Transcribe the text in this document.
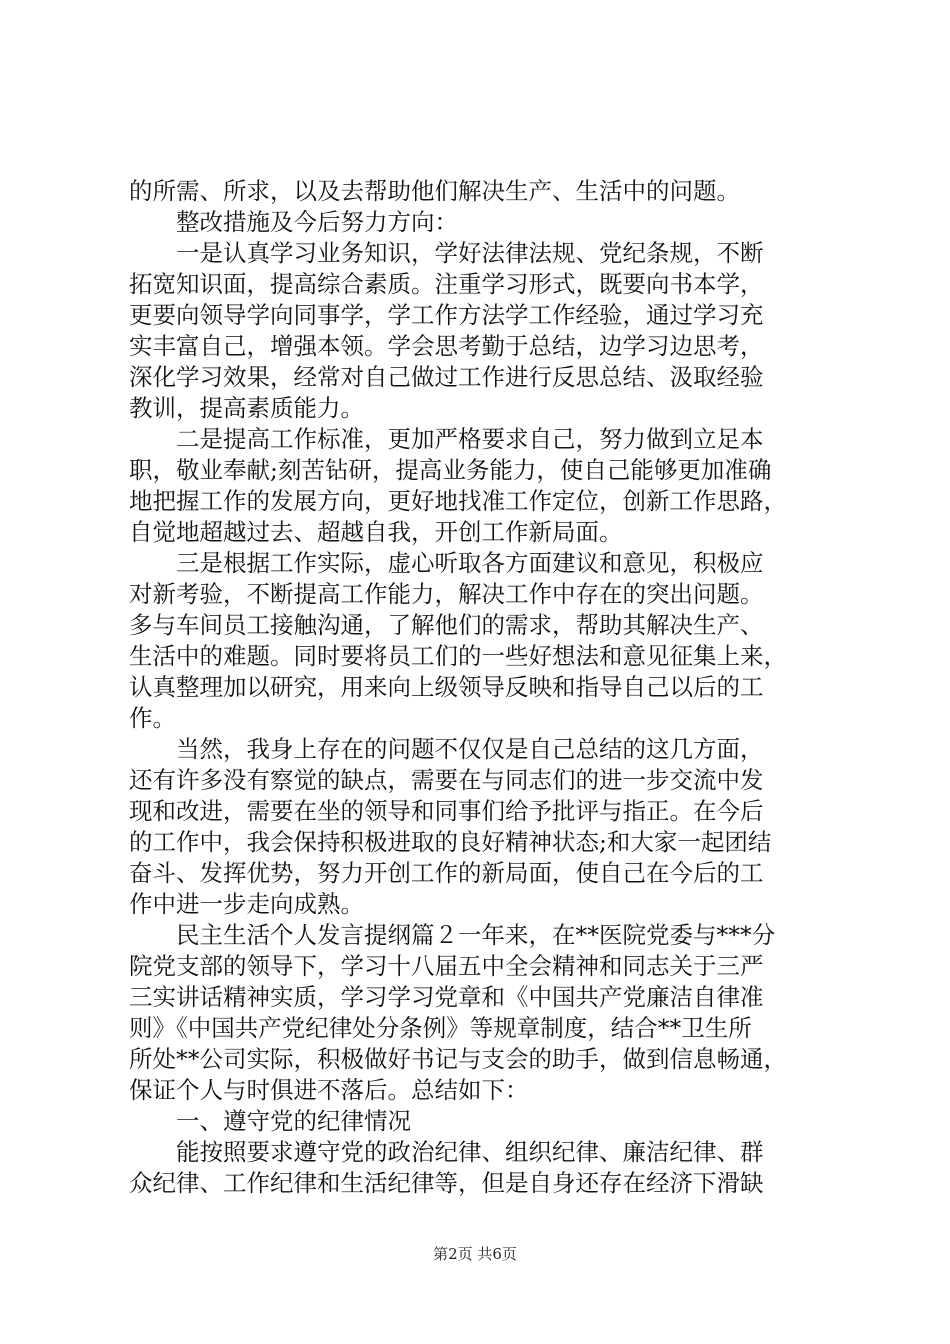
的所需、所求，以及去帮助他们解决生产、生活中的问题。
整改措施及今后努力方向：
一是认真学习业务知识，学好法律法规、党纪条规，不断
拓宽知识面，提高综合素质。注重学习形式，既要向书本学，
更要向领导学向同事学，学工作方法学工作经验，通过学习充
实丰富自己，增强本领。学会思考勤于总结，边学习边思考，
深化学习效果，经常对自己做过工作进行反思总结、汲取经验
教训，提高素质能力。
二是提高工作标准，更加严格要求自己，努力做到立足本
职，敬业奉献;刻苦钻研，提高业务能力，使自己能够更加准确
地把握工作的发展方向，更好地找准工作定位，创新工作思路，
自觉地超越过去、超越自我，开创工作新局面。
三是根据工作实际，虚心听取各方面建议和意见，积极应
对新考验，不断提高工作能力，解决工作中存在的突出问题。
多与车间员工接触沟通，了解他们的需求，帮助其解决生产、
生活中的难题。同时要将员工们的一些好想法和意见征集上来，
认真整理加以研究，用来向上级领导反映和指导自己以后的工
作。
当然，我身上存在的问题不仅仅是自己总结的这几方面，
还有许多没有察觉的缺点，需要在与同志们的进一步交流中发
现和改进，需要在坐的领导和同事们给予批评与指正。在今后
的工作中，我会保持积极进取的良好精神状态;和大家一起团结
奋斗、发挥优势，努力开创工作的新局面，使自己在今后的工
作中进一步走向成熟。
民主生活个人发言提纲篇２一年来，在**医院党委与***分
院党支部的领导下，学习十八届五中全会精神和同志关于三严
三实讲话精神实质，学习学习党章和《中国共产党廉洁自律准
则》《中国共产党纪律处分条例》等规章制度，结合**卫生所
所处**公司实际，积极做好书记与支会的助手，做到信息畅通，
保证个人与时俱进不落后。总结如下：
一、遵守党的纪律情况
能按照要求遵守党的政治纪律、组织纪律、廉洁纪律、群
众纪律、工作纪律和生活纪律等，但是自身还存在经济下滑缺
第2页 共6页
